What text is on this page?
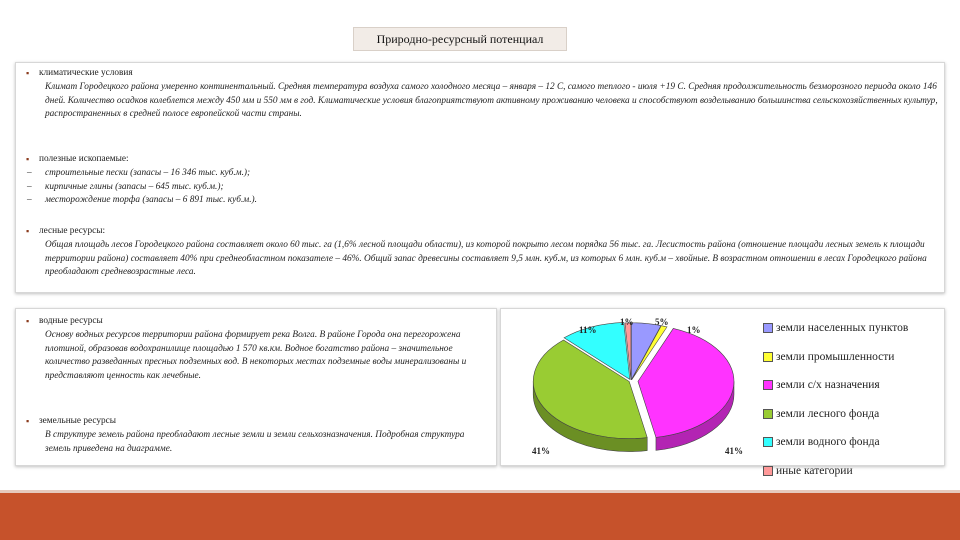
Природно-ресурсный потенциал
▪ климатические условия
Климат Городецкого района умеренно континентальный. Средняя температура воздуха самого холодного месяца – января – 12 С, самого теплого - июля +19 С. Средняя продолжительность безморозного периода около 146 дней. Количество осадков колеблется между 450 мм и 550 мм в год. Климатические условия благоприятствуют активному проживанию человека и способствуют возделыванию большинства сельскохозяйственных культур, распространенных в средней полосе европейской части страны.
▪ полезные ископаемые:
– строительные пески (запасы – 16 346 тыс. куб.м.);
– кирпичные глины (запасы – 645 тыс. куб.м.);
– месторождение торфа (запасы – 6 891 тыс. куб.м.).
▪ лесные ресурсы:
Общая площадь лесов Городецкого района составляет около 60 тыс. га (1,6% лесной площади области), из которой покрыто лесом порядка 56 тыс. га. Лесистость района (отношение площади лесных земель к площади территории района) составляет 40% при среднеобластном показателе – 46%. Общий запас древесины составляет 9,5 млн. куб.м, из которых 6 млн. куб.м – хвойные. В возрастном отношении в лесах Городецкого района преобладают средневозрастные леса.
▪ водные ресурсы
Основу водных ресурсов территории района формирует река Волга. В районе Города она перегорожена плотиной, образовав водохранилище площадью 1 570 кв.км. Водное богатство района – значительное количество разведанных пресных подземных вод. В некоторых местах подземные воды минерализованы и представляют ценность как лечебные.
▪ земельные ресурсы
В структуре земель района преобладают лесные земли и земли сельхозназначения. Подробная структура земель приведена на диаграмме.
5%
1%
41%
41%
11%
1%	земли населенных пунктов
земли промышленности
земли с/х назначения
земли лесного фонда
земли водного фонда
иные категории
